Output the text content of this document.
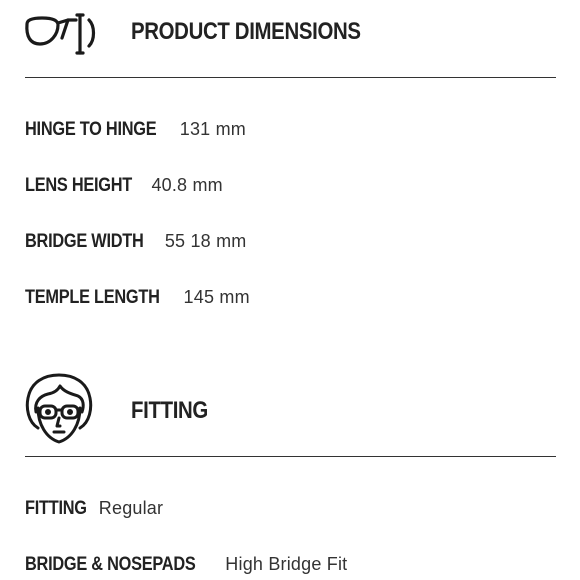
PRODUCT DIMENSIONS
HINGE TO HINGE 131 mm
LENS HEIGHT 40.8 mm
BRIDGE WIDTH 55 18 mm
TEMPLE LENGTH 145 mm
FITTING
FITTING Regular
BRIDGE & NOSEPADS High Bridge Fit
